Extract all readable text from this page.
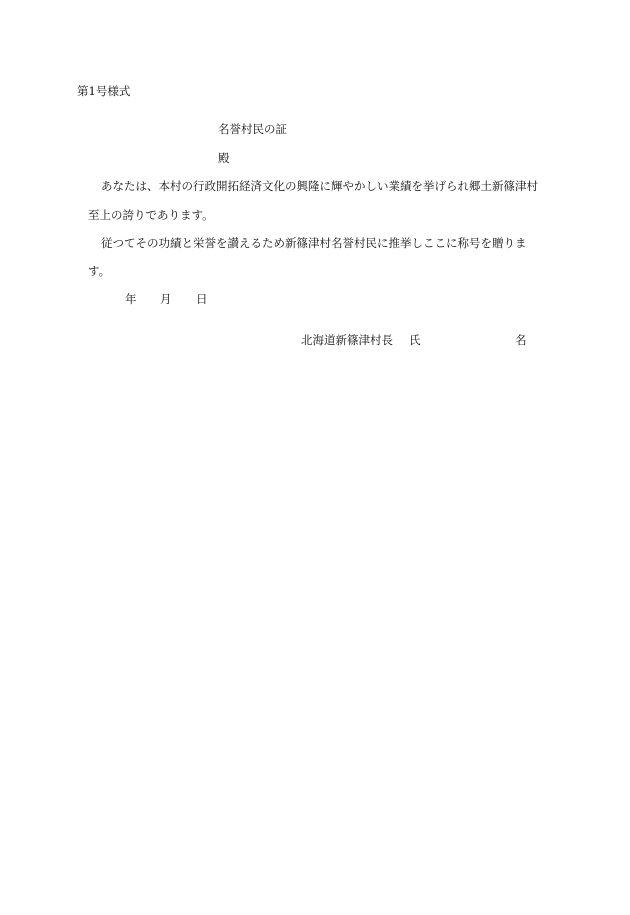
第1号様式
名誉村民の証
殿
あなたは、本村の行政開拓経済文化の興隆に輝やかしい業績を挙げられ郷土新篠津村
至上の誇りであります。
従つてその功績と栄誉を讃えるため新篠津村名誉村民に推挙しここに称号を贈りま
す。
年 月 日
北海道新篠津村長 氏	名
